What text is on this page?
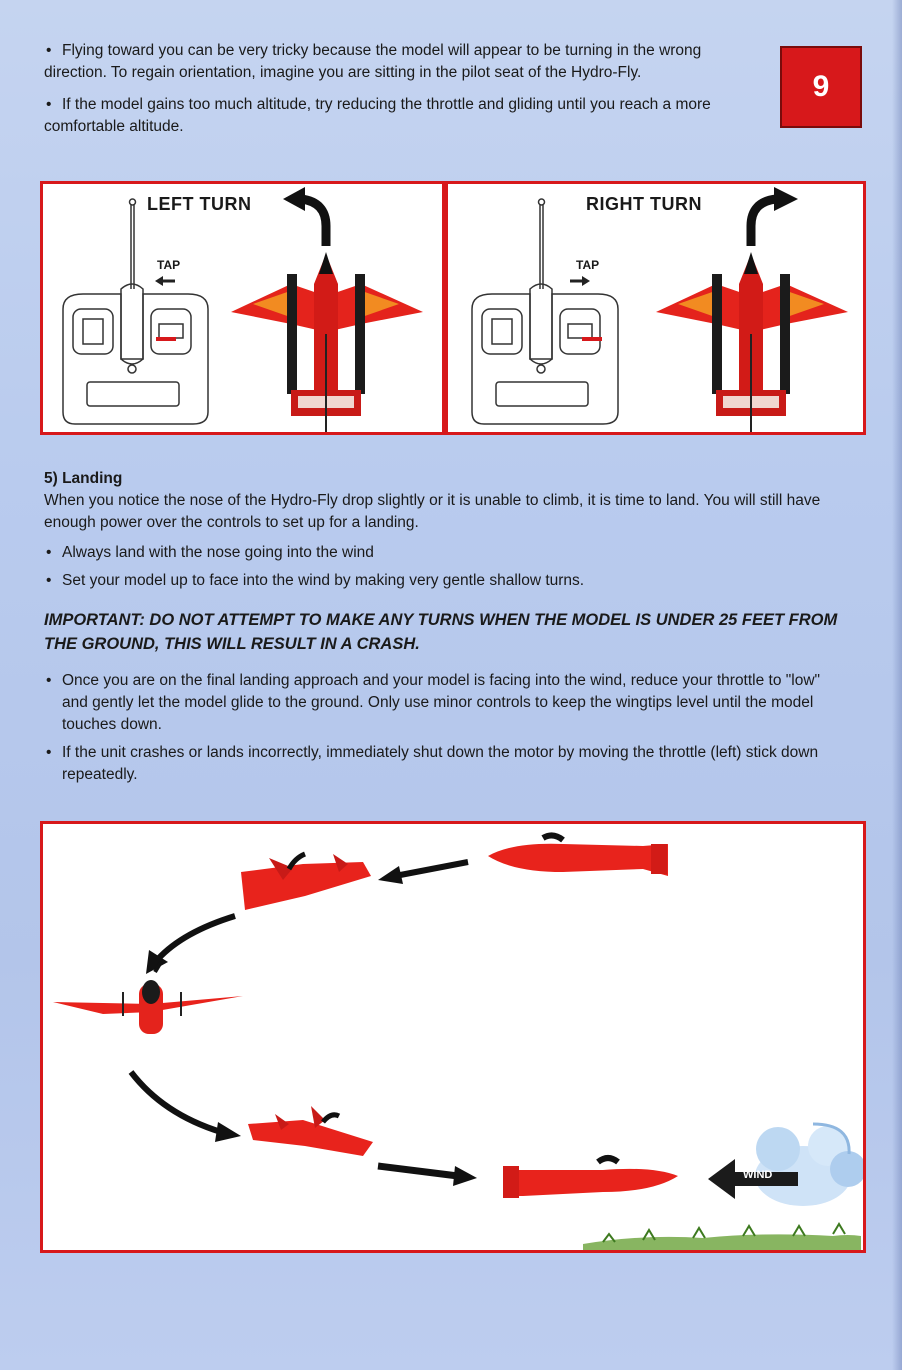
• Flying toward you can be very tricky because the model will appear to be turning in the wrong direction. To regain orientation, imagine you are sitting in the pilot seat of the Hydro-Fly.
• If the model gains too much altitude, try reducing the throttle and gliding until you reach a more comfortable altitude.
9
LEFT TURN
TAP
RIGHT TURN
TAP
5) Landing

When you notice the nose of the Hydro-Fly drop slightly or it is unable to climb, it is time to land. You will still have enough power over the controls to set up for a landing.

• Always land with the nose going into the wind
• Set your model up to face into the wind by making very gentle shallow turns.
IMPORTANT: DO NOT ATTEMPT TO MAKE ANY TURNS WHEN THE MODEL IS UNDER 25 FEET FROM THE GROUND, THIS WILL RESULT IN A CRASH.
• Once you are on the final landing approach and your model is facing into the wind, reduce your throttle to "low" and gently let the model glide to the ground. Only use minor controls to keep the wingtips level until the model touches down.
• If the unit crashes or lands incorrectly, immediately shut down the motor by moving the throttle (left) stick down repeatedly.
WIND
